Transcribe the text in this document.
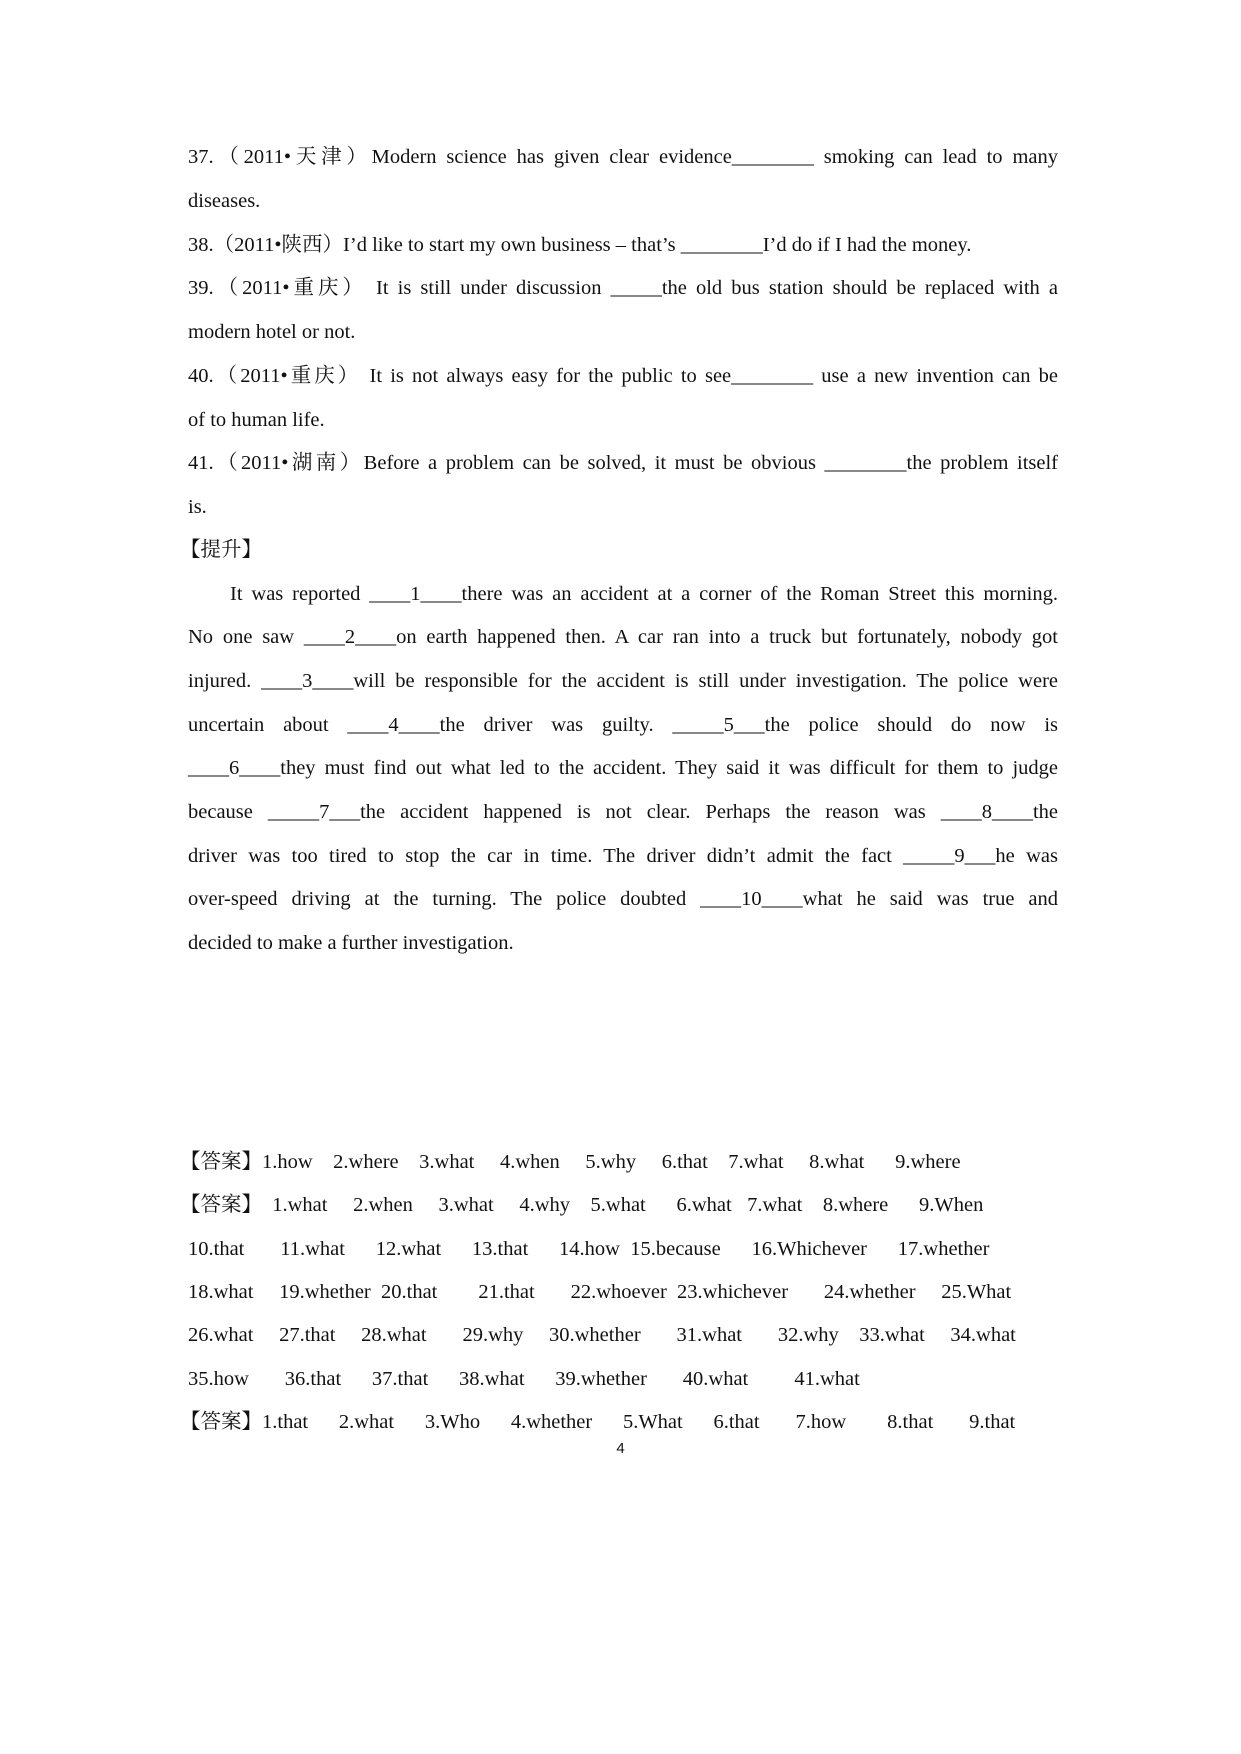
37.（2011•天津）Modern science has given clear evidence________ smoking can lead to many
diseases.
38.（2011•陕西）I’d like to start my own business – that’s ________I’d do if I had the money.
39.（2011•重庆） It is still under discussion _____the old bus station should be replaced with a
modern hotel or not.
40.（2011•重庆） It is not always easy for the public to see________ use a new invention can be
of to human life.
41.（2011•湖南）Before a problem can be solved, it must be obvious ________the problem itself
is.
【提升】
It was reported ____1____there was an accident at a corner of the Roman Street this morning.
No one saw ____2____on earth happened then. A car ran into a truck but fortunately, nobody got
injured. ____3____will be responsible for the accident is still under investigation. The police were
uncertain about ____4____the driver was guilty. _____5___the police should do now is
____6____they must find out what led to the accident. They said it was difficult for them to judge
because _____7___the accident happened is not clear. Perhaps the reason was ____8____the
driver was too tired to stop the car in time. The driver didn’t admit the fact _____9___he was
over-speed driving at the turning. The police doubted ____10____what he said was true and
decided to make a further investigation.
【答案】1.how    2.where    3.what     4.when     5.why     6.that    7.what     8.what      9.where
【答案】  1.what     2.when     3.what     4.why    5.what      6.what   7.what    8.where      9.When
10.that       11.what      12.what      13.that      14.how  15.because      16.Whichever      17.whether
18.what     19.whether  20.that        21.that       22.whoever  23.whichever       24.whether     25.What
26.what     27.that     28.what       29.why     30.whether       31.what       32.why    33.what     34.what
35.how       36.that      37.that      38.what      39.whether       40.what         41.what
【答案】1.that      2.what      3.Who      4.whether      5.What      6.that       7.how        8.that       9.that
4
